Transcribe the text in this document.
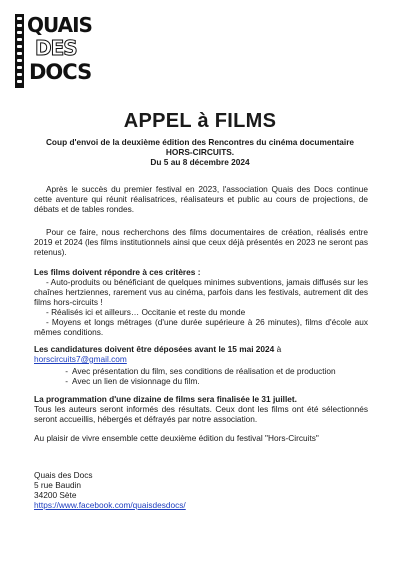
QUAIS
DES
DOCS
APPEL à FILMS
Coup d'envoi de la deuxième édition des Rencontres du cinéma documentaire
HORS-CIRCUITS.
Du 5 au 8 décembre 2024

Après le succès du premier festival en 2023, l'association Quais des Docs continue cette aventure qui réunit réalisatrices, réalisateurs et public au cours de projections, de débats et de tables rondes.

Pour ce faire, nous recherchons des films documentaires de création, réalisés entre 2019 et 2024 (les films institutionnels ainsi que ceux déjà présentés en 2023 ne seront pas retenus).

Les films doivent répondre à ces critères :
- Auto-produits ou bénéficiant de quelques minimes subventions, jamais diffusés sur les chaînes hertziennes, rarement vus au cinéma, parfois dans les festivals, autrement dit des films hors-circuits !
- Réalisés ici et ailleurs… Occitanie et reste du monde
- Moyens et longs métrages (d'une durée supérieure à 26 minutes), films d'école aux mêmes conditions.
Les candidatures doivent être déposées avant le 15 mai 2024 à horscircuits7@gmail.com
- Avec présentation du film, ses conditions de réalisation et de production
- Avec un lien de visionnage du film.
La programmation d'une dizaine de films sera finalisée le 31 juillet.
Tous les auteurs seront informés des résultats. Ceux dont les films ont été sélectionnés seront accueillis, hébergés et défrayés par notre association.

Au plaisir de vivre ensemble cette deuxième édition du festival "Hors-Circuits"

Quais des Docs
5 rue Baudin
34200 Sète
https://www.facebook.com/quaisdesdocs/
